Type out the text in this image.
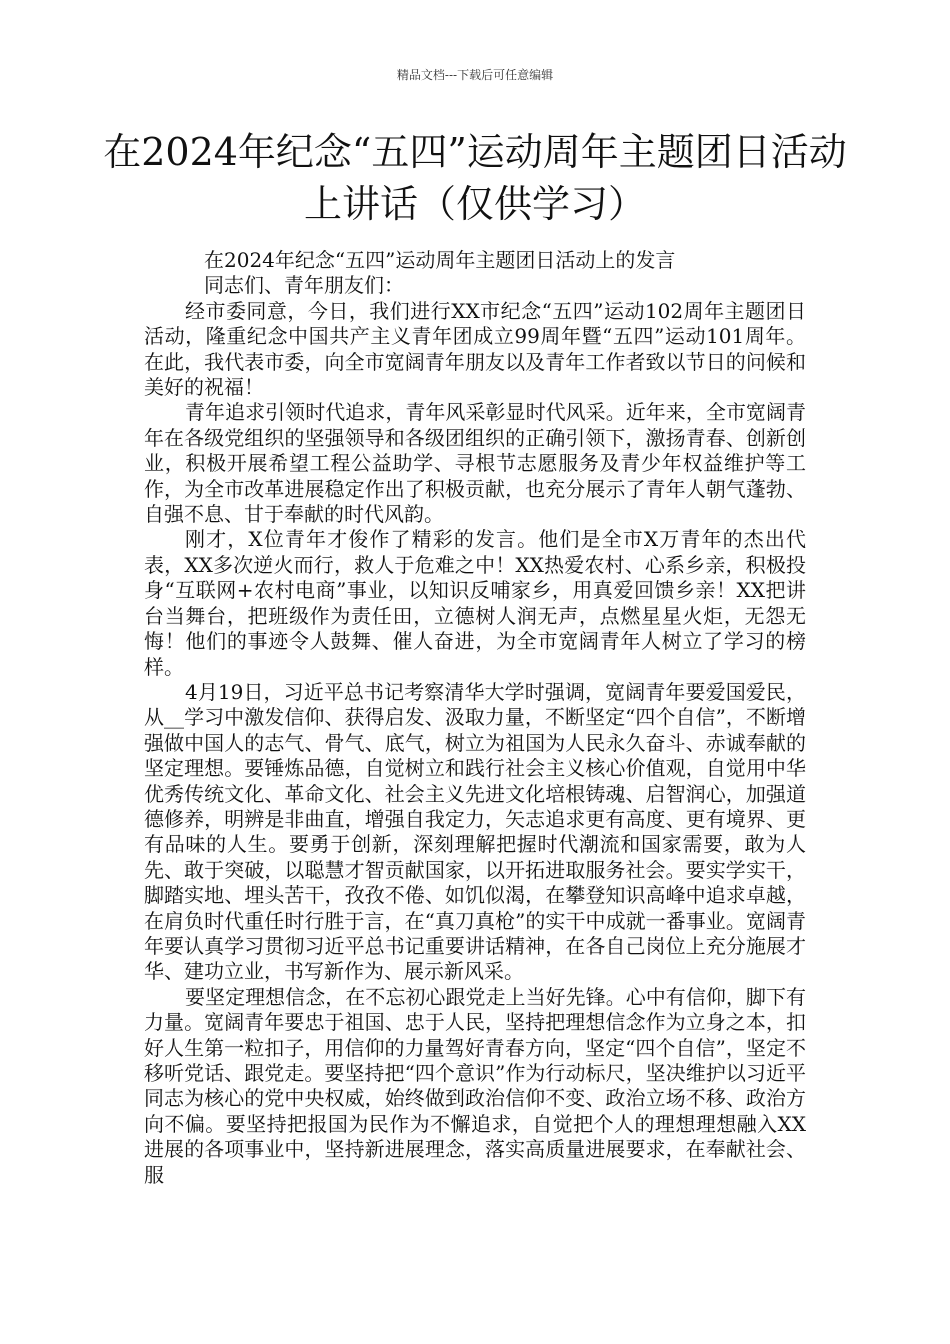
精品文档---下载后可任意编辑
在2024年纪念“五四”运动周年主题团日活动上讲话（仅供学习）

在2024年纪念“五四”运动周年主题团日活动上的发言

同志们、青年朋友们：

经市委同意，今日，我们进行XX市纪念“五四”运动102周年主题团日活动，隆重纪念中国共产主义青年团成立99周年暨“五四”运动101周年。在此，我代表市委，向全市宽阔青年朋友以及青年工作者致以节日的问候和美好的祝福！

青年追求引领时代追求，青年风采彰显时代风采。近年来，全市宽阔青年在各级党组织的坚强领导和各级团组织的正确引领下，激扬青春、创新创业，积极开展希望工程公益助学、寻根节志愿服务及青少年权益维护等工作，为全市改革进展稳定作出了积极贡献，也充分展示了青年人朝气蓬勃、自强不息、甘于奉献的时代风韵。

刚才，X位青年才俊作了精彩的发言。他们是全市X万青年的杰出代表，XX多次逆火而行，救人于危难之中！XX热爱农村、心系乡亲，积极投身“互联网+农村电商”事业，以知识反哺家乡，用真爱回馈乡亲！XX把讲台当舞台，把班级作为责任田，立德树人润无声，点燃星星火炬，无怨无悔！他们的事迹令人鼓舞、催人奋进，为全市宽阔青年人树立了学习的榜样。

4月19日，习近平总书记考察清华大学时强调，宽阔青年要爱国爱民，从__学习中激发信仰、获得启发、汲取力量，不断坚定“四个自信”，不断增强做中国人的志气、骨气、底气，树立为祖国为人民永久奋斗、赤诚奉献的坚定理想。要锤炼品德，自觉树立和践行社会主义核心价值观，自觉用中华优秀传统文化、革命文化、社会主义先进文化培根铸魂、启智润心，加强道德修养，明辨是非曲直，增强自我定力，矢志追求更有高度、更有境界、更有品味的人生。要勇于创新，深刻理解把握时代潮流和国家需要，敢为人先、敢于突破，以聪慧才智贡献国家，以开拓进取服务社会。要实学实干，脚踏实地、埋头苦干，孜孜不倦、如饥似渴，在攀登知识高峰中追求卓越，在肩负时代重任时行胜于言，在“真刀真枪”的实干中成就一番事业。宽阔青年要认真学习贯彻习近平总书记重要讲话精神，在各自己岗位上充分施展才华、建功立业，书写新作为、展示新风采。

要坚定理想信念，在不忘初心跟党走上当好先锋。心中有信仰，脚下有力量。宽阔青年要忠于祖国、忠于人民，坚持把理想信念作为立身之本，扣好人生第一粒扣子，用信仰的力量驾好青春方向，坚定“四个自信”，坚定不移听党话、跟党走。要坚持把“四个意识”作为行动标尺，坚决维护以习近平同志为核心的党中央权威，始终做到政治信仰不变、政治立场不移、政治方向不偏。要坚持把报国为民作为不懈追求，自觉把个人的理想理想融入XX进展的各项事业中，坚持新进展理念，落实高质量进展要求，在奉献社会、服
